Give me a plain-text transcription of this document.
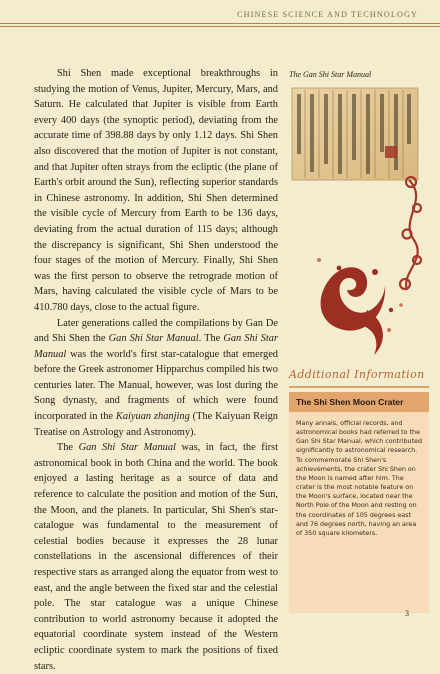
CHINESE SCIENCE AND TECHNOLOGY

Shi Shen made exceptional breakthroughs in studying the motion of Venus, Jupiter, Mercury, Mars, and Saturn. He calculated that Jupiter is visible from Earth every 400 days (the synoptic period), deviating from the accurate time of 398.88 days by only 1.12 days. Shi Shen also discovered that the motion of Jupiter is not constant, and that Jupiter often strays from the ecliptic (the plane of Earth's orbit around the Sun), reflecting superior standards in Chinese astronomy. In addition, Shi Shen determined the visible cycle of Mercury from Earth to be 136 days, deviating from the actual duration of 115 days; although the discrepancy is significant, Shi Shen understood the four stages of the motion of Mercury. Finally, Shi Shen was the first person to observe the retrograde motion of Mars, having calculated the visible cycle of Mars to be 410.780 days, close to the actual figure.

Later generations called the compilations by Gan De and Shi Shen the Gan Shi Star Manual. The Gan Shi Star Manual was the world's first star-catalogue that emerged before the Greek astronomer Hipparchus compiled his two centuries later. The Manual, however, was lost during the Song dynasty, and fragments of which were found incorporated in the Kaiyuan zhanjing (The Kaiyuan Reign Treatise on Astrology and Astronomy).

The Gan Shi Star Manual was, in fact, the first astronomical book in both China and the world. The book enjoyed a lasting heritage as a source of data and reference to calculate the position and motion of the Sun, the Moon, and the planets. In particular, Shi Shen's star-catalogue was fundamental to the measurement of celestial bodies because it expresses the 28 lunar constellations in the ascensional differences of their respective stars as arranged along the equator from west to east, and the angle between the fixed star and the celestial pole. The star catalogue was a unique Chinese contribution to world astronomy because it adopted the equatorial coordinate system instead of the Western ecliptic coordinate system to mark the positions of fixed stars.

The Gan Shi Star Manual
Additional Information
The Shi Shen Moon Crater
Many annals, official records, and astronomical books had referred to the Gan Shi Star Manual, which contributed significantly to astronomical research. To commemorate Shi Shen's achievements, the crater Shi Shen on the Moon is named after him. The crater is the most notable feature on the Moon's surface, located near the North Pole of the Moon and resting on the coordinates of 105 degrees east and 76 degrees north, having an area of 350 square kilometers.
3
